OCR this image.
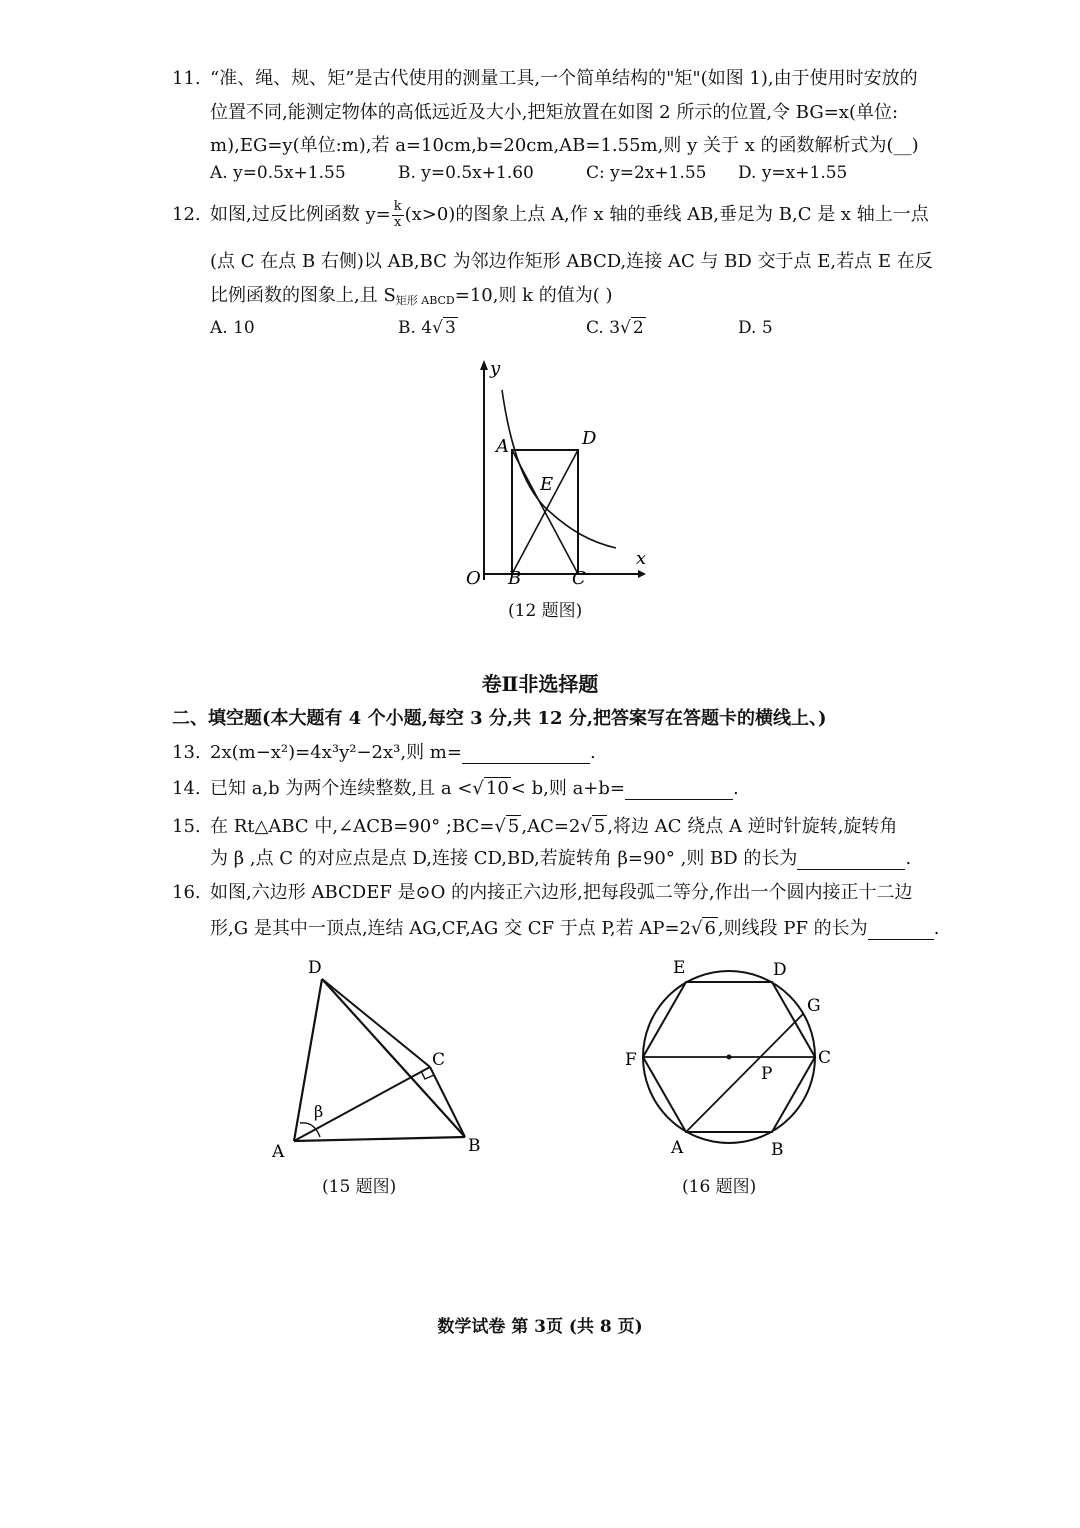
11. “准、绳、规、矩”是古代使用的测量工具,一个简单结构的"矩"(如图 1),由于使用时安放的
位置不同,能测定物体的高低远近及大小,把矩放置在如图 2 所示的位置,令 BG=x(单位:
m),EG=y(单位:m),若 a=10cm,b=20cm,AB=1.55m,则 y 关于 x 的函数解析式为(__)
A. y=0.5x+1.55	B. y=0.5x+1.60	C: y=2x+1.55 D. y=x+1.55
12. 如图,过反比例函数 $y= \frac{k}{x} (x>0)$的图象上点 A,作 x 轴的垂线 AB,垂足为 B,C 是 x 轴上一点
(点 C 在点 B 右侧)以 AB,BC 为邻边作矩形 ABCD,连接 AC 与 BD 交于点 E,若点 E 在反
比例函数的图象上,且 $S_{矩形 ABCD}=10$,则 k 的值为( )
A. 10	B. 4√ 3	C. 3√ 2	D. 5
y
x
A	D
E
O B	C
(12 题图)
卷Ⅱ非选择题
二、填空题(本大题有 4 个小题,每空 3 分,共 12 分,把答案写在答题卡的横线上、)
13. 2x(m−x²)=4x³y²−2x³,则 m=	.
14. 已知 a,b 为两个连续整数,且 a <√ 10 < b,则 a+b=	.
15. 在 Rt△ABC 中,∠ACB=90° ;BC=√ 5 ,AC=2√ 5 ,将边 AC 绕点 A 逆时针旋转,旋转角
为 β ,点 C 的对应点是点 D,连接 CD,BD,若旋转角 β=90° ,则 BD 的长为	.
16. 如图,六边形 ABCDEF 是⊙O 的内接正六边形,把每段弧二等分,作出一个圆内接正十二边
形,G 是其中一顶点,连结 AG,CF,AG 交 CF 于点 P,若 AP=2√ 6 ,则线段 PF 的长为	.
D
C
β
A	B
(15 题图)
E	D
G
F	C
P
A	B
(16 题图)
数学试卷 第 3页 (共 8 页)
